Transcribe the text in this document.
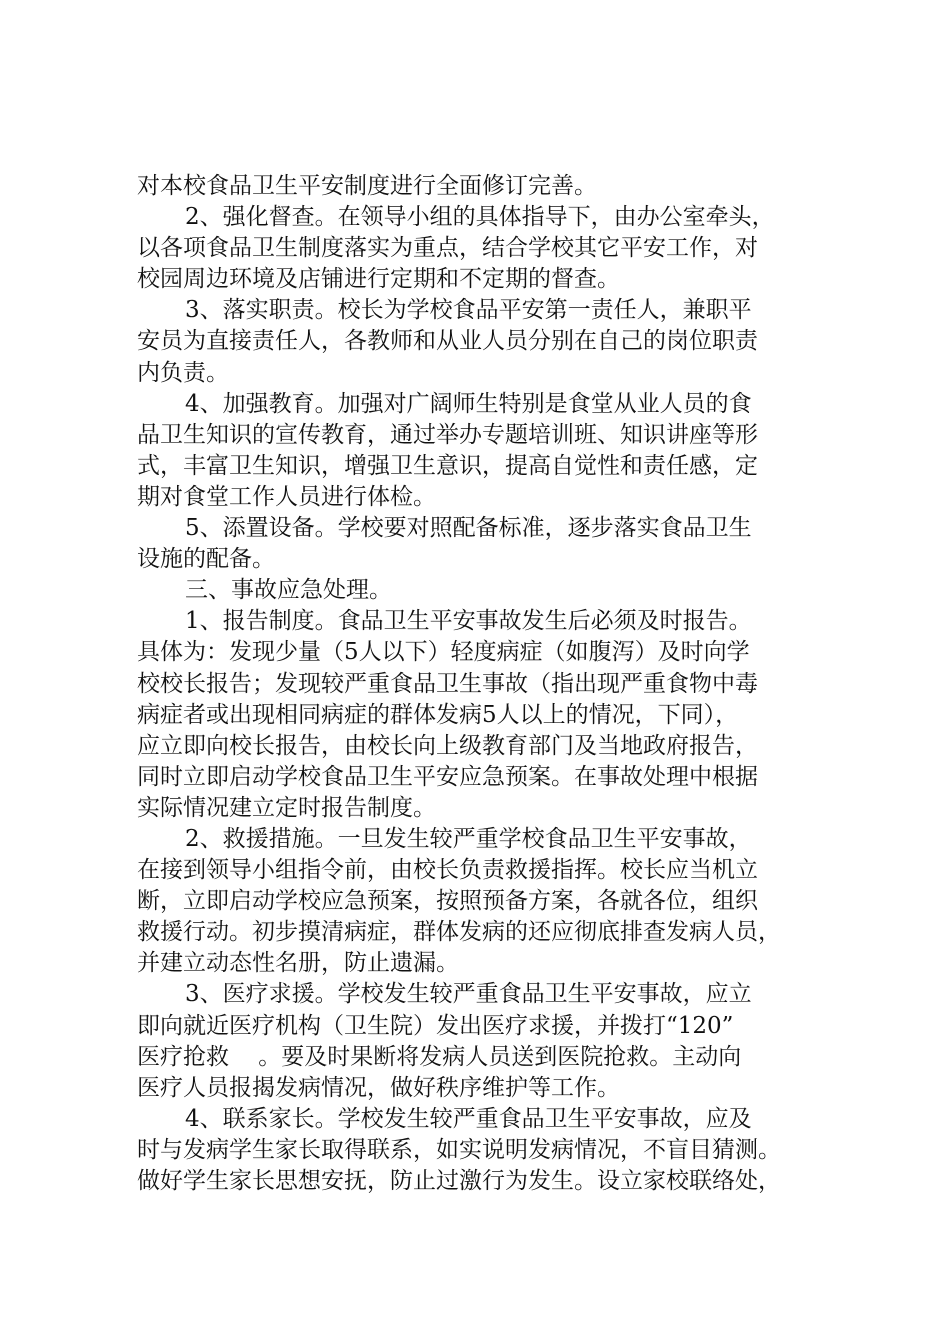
对本校食品卫生平安制度进行全面修订完善。
2、强化督查。在领导小组的具体指导下，由办公室牵头，
以各项食品卫生制度落实为重点，结合学校其它平安工作，对
校园周边环境及店铺进行定期和不定期的督查。
3、落实职责。校长为学校食品平安第一责任人，兼职平
安员为直接责任人，各教师和从业人员分别在自己的岗位职责
内负责。
4、加强教育。加强对广阔师生特别是食堂从业人员的食
品卫生知识的宣传教育，通过举办专题培训班、知识讲座等形
式，丰富卫生知识，增强卫生意识，提高自觉性和责任感，定
期对食堂工作人员进行体检。
5、添置设备。学校要对照配备标准，逐步落实食品卫生
设施的配备。
三、事故应急处理。
1、报告制度。食品卫生平安事故发生后必须及时报告。
具体为：发现少量（5人以下）轻度病症（如腹泻）及时向学
校校长报告；发现较严重食品卫生事故（指出现严重食物中毒
病症者或出现相同病症的群体发病5人以上的情况，下同），
应立即向校长报告，由校长向上级教育部门及当地政府报告，
同时立即启动学校食品卫生平安应急预案。在事故处理中根据
实际情况建立定时报告制度。
2、救援措施。一旦发生较严重学校食品卫生平安事故，
在接到领导小组指令前，由校长负责救援指挥。校长应当机立
断，立即启动学校应急预案，按照预备方案，各就各位，组织
救援行动。初步摸清病症，群体发病的还应彻底排查发病人员，
并建立动态性名册，防止遗漏。
3、医疗求援。学校发生较严重食品卫生平安事故，应立
即向就近医疗机构（卫生院）发出医疗求援，并拨打“120”
医疗抢救    。要及时果断将发病人员送到医院抢救。主动向
医疗人员报揭发病情况，做好秩序维护等工作。
4、联系家长。学校发生较严重食品卫生平安事故，应及
时与发病学生家长取得联系，如实说明发病情况，不盲目猜测。
做好学生家长思想安抚，防止过激行为发生。设立家校联络处，
